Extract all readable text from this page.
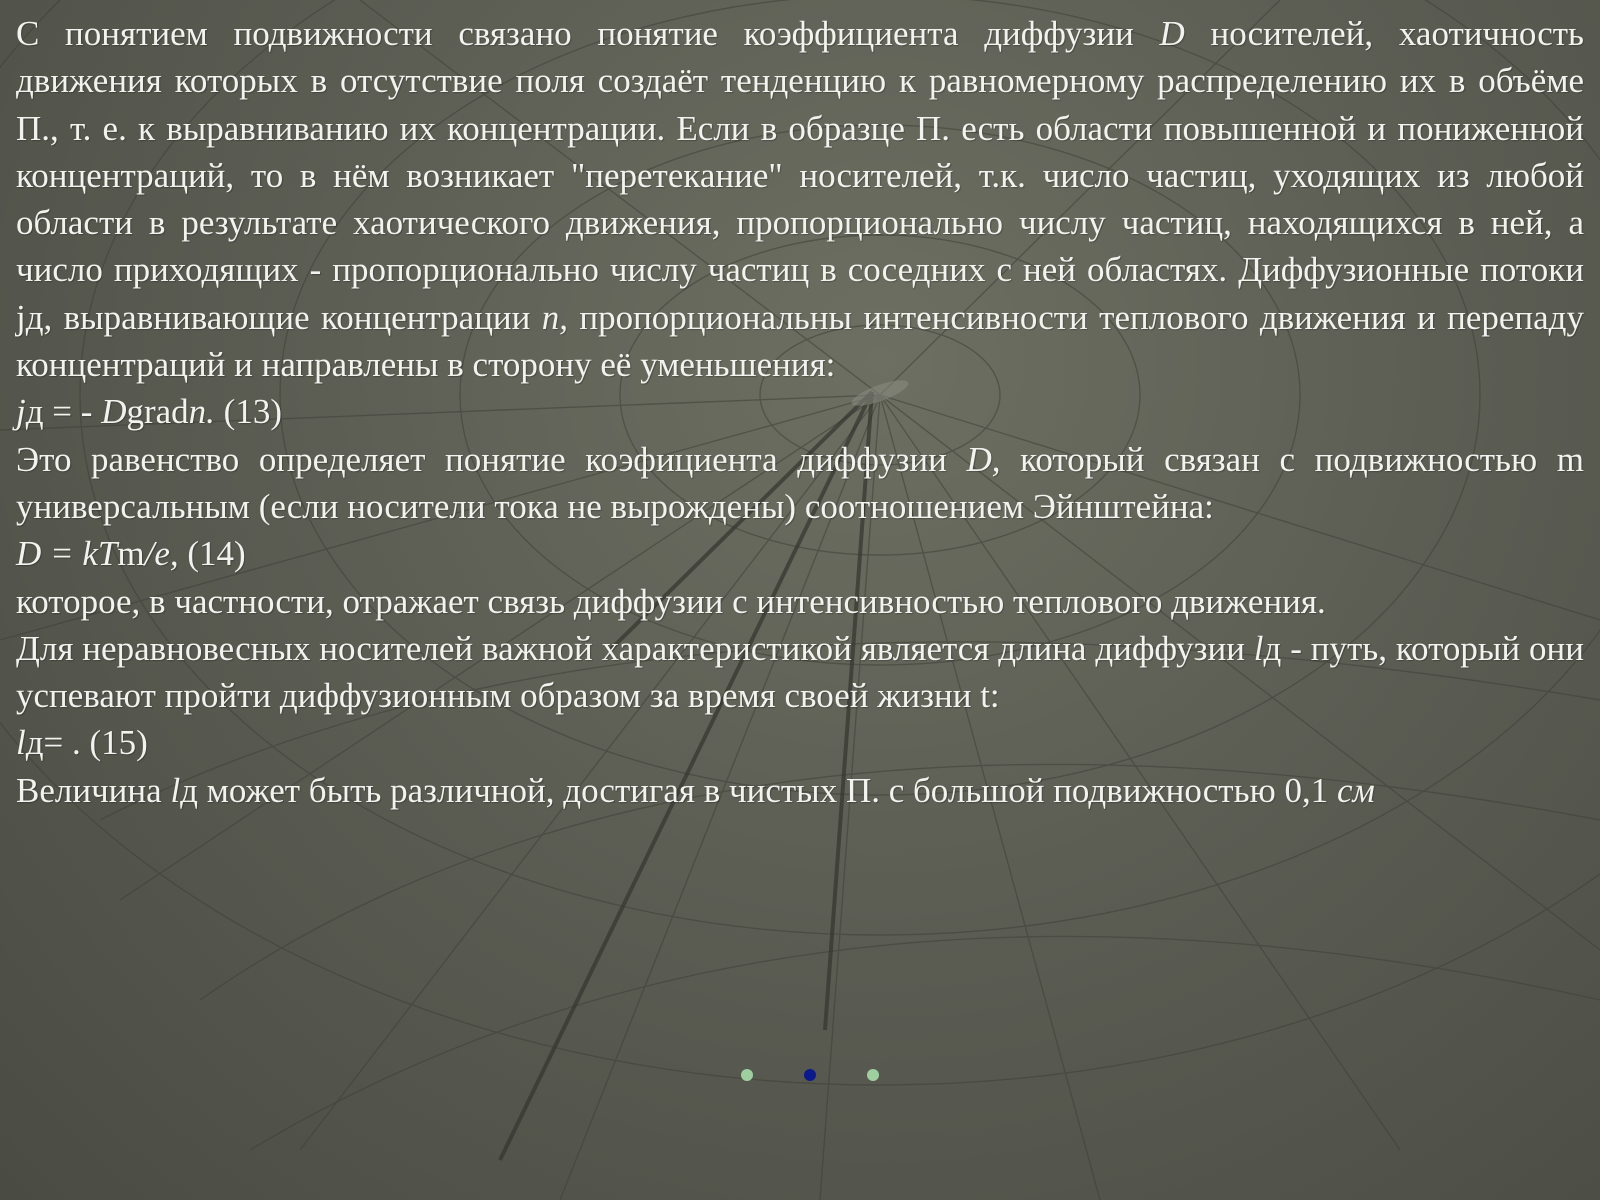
С понятием подвижности связано понятие коэффициента диффузии D носителей, хаотичность движения которых в отсутствие поля создаёт тенденцию к равномерному распределению их в объёме П., т. е. к выравниванию их концентрации. Если в образце П. есть области повышенной и пониженной концентраций, то в нём возникает "перетекание" носителей, т.к. число частиц, уходящих из любой области в результате хаотического движения, пропорционально числу частиц, находящихся в ней, а число приходящих - пропорционально числу частиц в соседних с ней областях. Диффузионные потоки jд, выравнивающие концентрации n, пропорциональны интенсивности теплового движения и перепаду концентраций и направлены в сторону её уменьшения:

jд = - Dgradn. (13)

Это равенство определяет понятие коэфициента диффузии D, который связан с подвижностью m универсальным (если носители тока не вырождены) соотношением Эйнштейна:

D = kTm/e, (14)

которое, в частности, отражает связь диффузии с интенсивностью теплового движения.

Для неравновесных носителей важной характеристикой является длина диффузии lд - путь, который они успевают пройти диффузионным образом за время своей жизни t:

lд= . (15)

Величина lд может быть различной, достигая в чистых П. с большой подвижностью 0,1 см
